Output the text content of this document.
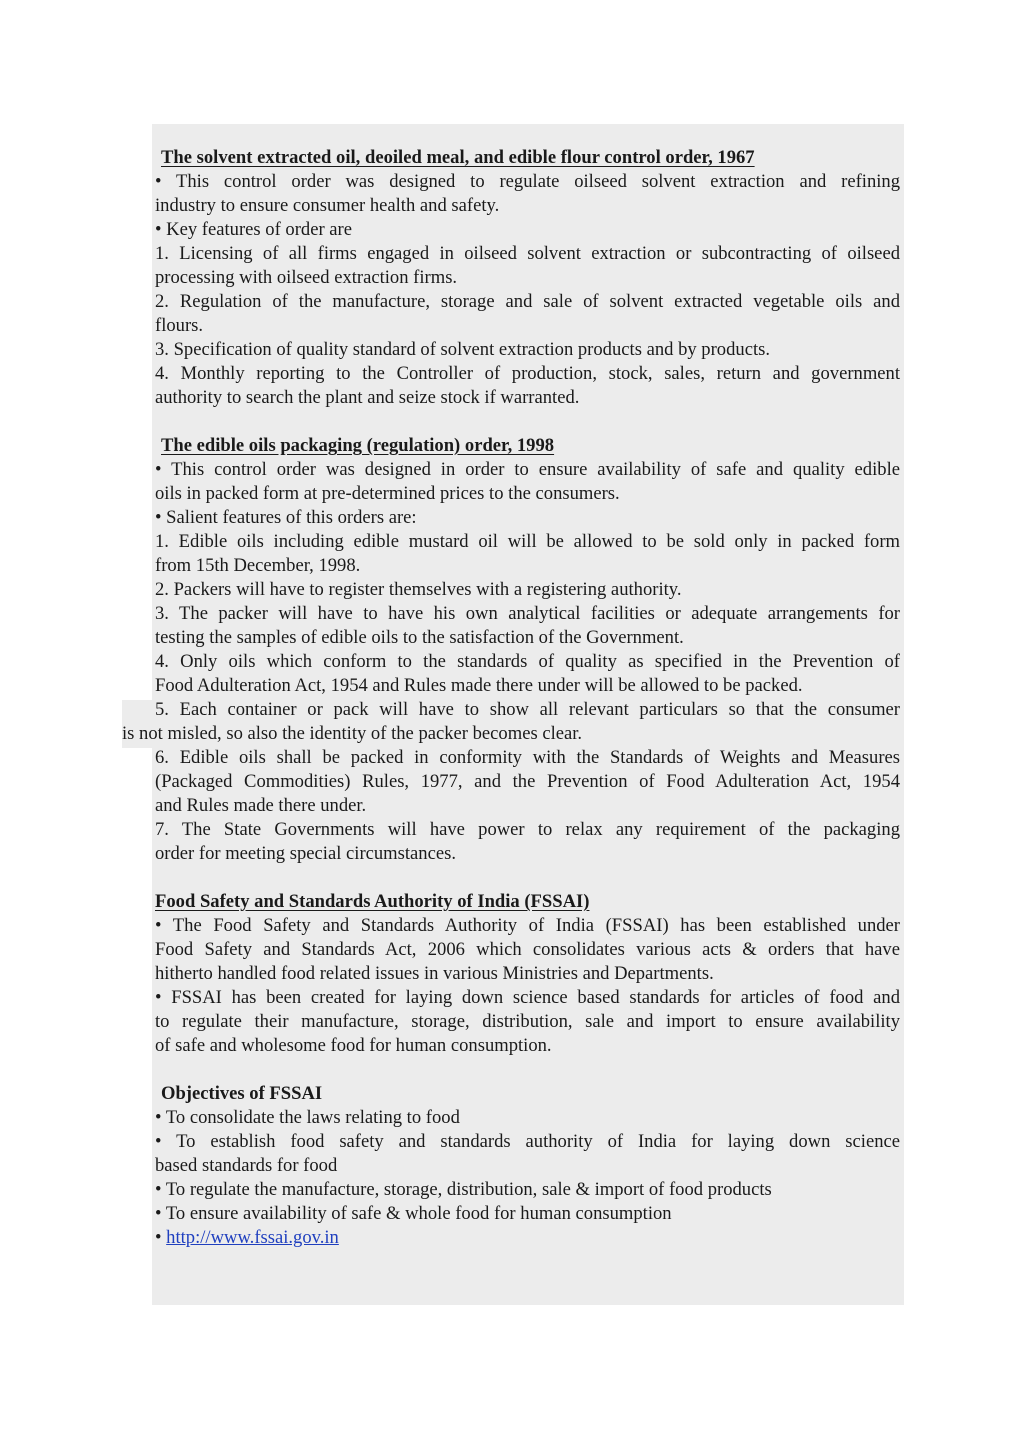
The solvent extracted oil, deoiled meal, and edible flour control order, 1967
• This control order was designed to regulate oilseed solvent extraction and refining
industry to ensure consumer health and safety.
• Key features of order are
1. Licensing of all firms engaged in oilseed solvent extraction or subcontracting of oilseed
processing with oilseed extraction firms.
2. Regulation of the manufacture, storage and sale of solvent extracted vegetable oils and
flours.
3. Specification of quality standard of solvent extraction products and by products.
4. Monthly reporting to the Controller of production, stock, sales, return and government
authority to search the plant and seize stock if warranted.
The edible oils packaging (regulation) order, 1998
• This control order was designed in order to ensure availability of safe and quality edible
oils in packed form at pre-determined prices to the consumers.
• Salient features of this orders are:
1. Edible oils including edible mustard oil will be allowed to be sold only in packed form
from 15th December, 1998.
2. Packers will have to register themselves with a registering authority.
3. The packer will have to have his own analytical facilities or adequate arrangements for
testing the samples of edible oils to the satisfaction of the Government.
4. Only oils which conform to the standards of quality as specified in the Prevention of
Food Adulteration Act, 1954 and Rules made there under will be allowed to be packed.
5. Each container or pack will have to show all relevant particulars so that the consumer
is not misled, so also the identity of the packer becomes clear.
6. Edible oils shall be packed in conformity with the Standards of Weights and Measures
(Packaged Commodities) Rules, 1977, and the Prevention of Food Adulteration Act, 1954
and Rules made there under.
7. The State Governments will have power to relax any requirement of the packaging
order for meeting special circumstances.
Food Safety and Standards Authority of India (FSSAI)
• The Food Safety and Standards Authority of India (FSSAI) has been established under
Food Safety and Standards Act, 2006 which consolidates various acts & orders that have
hitherto handled food related issues in various Ministries and Departments.
• FSSAI has been created for laying down science based standards for articles of food and
to regulate their manufacture, storage, distribution, sale and import to ensure availability
of safe and wholesome food for human consumption.
Objectives of FSSAI
• To consolidate the laws relating to food
• To establish food safety and standards authority of India for laying down science
based standards for food
• To regulate the manufacture, storage, distribution, sale & import of food products
• To ensure availability of safe & whole food for human consumption
• http://www.fssai.gov.in
